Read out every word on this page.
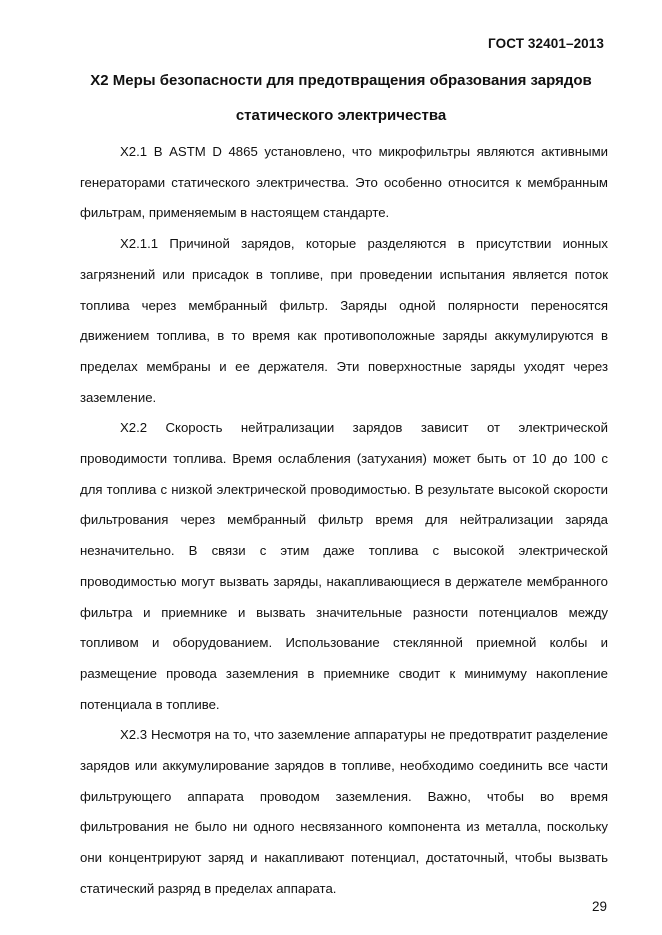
ГОСТ 32401–2013
X2 Меры безопасности для предотвращения образования зарядов
статического электричества

X2.1 В ASTM D 4865 установлено, что микрофильтры являются активными генераторами статического электричества. Это особенно относится к мембранным фильтрам, применяемым в настоящем стандарте.

X2.1.1 Причиной зарядов, которые разделяются в присутствии ионных загрязнений или присадок в топливе, при проведении испытания является поток топлива через мембранный фильтр. Заряды одной полярности переносятся движением топлива, в то время как противоположные заряды аккумулируются в пределах мембраны и ее держателя. Эти поверхностные заряды уходят через заземление.

X2.2 Скорость нейтрализации зарядов зависит от электрической проводимости топлива. Время ослабления (затухания) может быть от 10 до 100 с для топлива с низкой электрической проводимостью. В результате высокой скорости фильтрования через мембранный фильтр время для нейтрализации заряда незначительно. В связи с этим даже топлива с высокой электрической проводимостью могут вызвать заряды, накапливающиеся в держателе мембранного фильтра и приемнике и вызвать значительные разности потенциалов между топливом и оборудованием. Использование стеклянной приемной колбы и размещение провода заземления в приемнике сводит к минимуму накопление потенциала в топливе.

X2.3 Несмотря на то, что заземление аппаратуры не предотвратит разделение зарядов или аккумулирование зарядов в топливе, необходимо соединить все части фильтрующего аппарата проводом заземления. Важно, чтобы во время фильтрования не было ни одного несвязанного компонента из металла, поскольку они концентрируют заряд и накапливают потенциал, достаточный, чтобы вызвать статический разряд в пределах аппарата.

29
